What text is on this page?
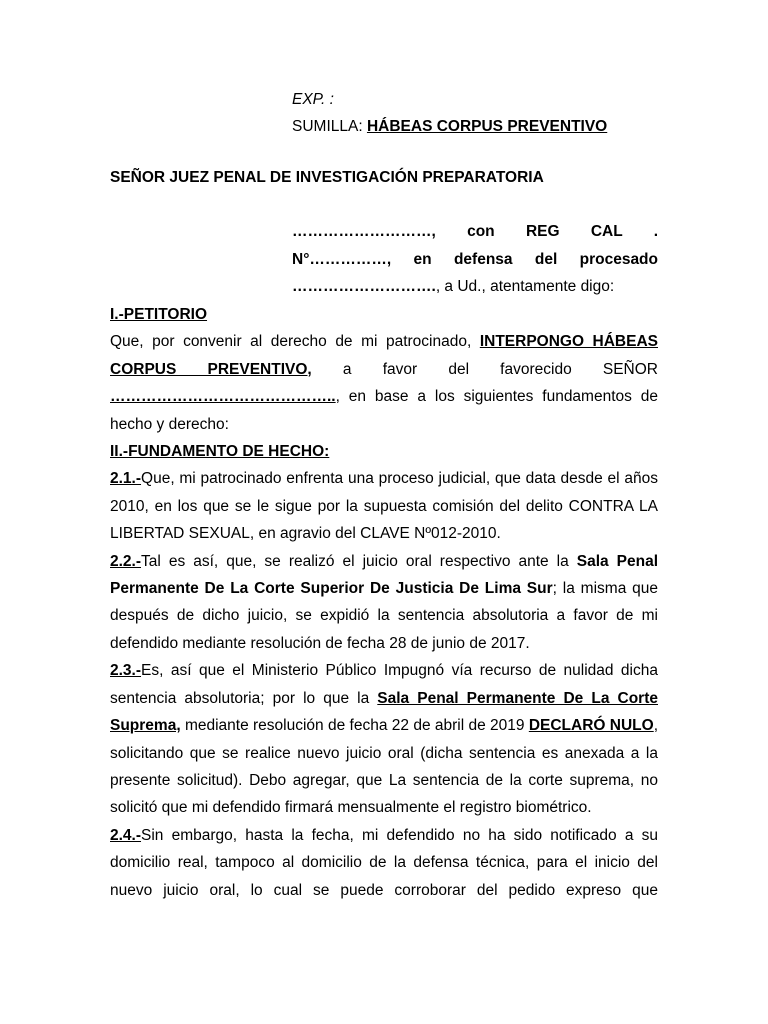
EXP. :
SUMILLA: HÁBEAS CORPUS PREVENTIVO
SEÑOR JUEZ PENAL DE INVESTIGACIÓN PREPARATORIA
………………………, con REG CAL .
N°……………, en defensa del procesado
………………………., a Ud., atentamente digo:

I.-PETITORIO

Que, por convenir al derecho de mi patrocinado, INTERPONGO HÁBEAS CORPUS PREVENTIVO, a favor del favorecido SEÑOR …………………………………….., en base a los siguientes fundamentos de hecho y derecho:

II.-FUNDAMENTO DE HECHO:

2.1.-Que, mi patrocinado enfrenta una proceso judicial, que data desde el años 2010, en los que se le sigue por la supuesta comisión del delito CONTRA LA LIBERTAD SEXUAL, en agravio del CLAVE Nº012-2010.

2.2.-Tal es así, que, se realizó el juicio oral respectivo ante la Sala Penal Permanente De La Corte Superior De Justicia De Lima Sur; la misma que después de dicho juicio, se expidió la sentencia absolutoria a favor de mi defendido mediante resolución de fecha 28 de junio de 2017.

2.3.-Es, así que el Ministerio Público Impugnó vía recurso de nulidad dicha sentencia absolutoria; por lo que la Sala Penal Permanente De La Corte Suprema, mediante resolución de fecha 22 de abril de 2019 DECLARÓ NULO, solicitando que se realice nuevo juicio oral (dicha sentencia es anexada a la presente solicitud). Debo agregar, que La sentencia de la corte suprema, no solicitó que mi defendido firmará mensualmente el registro biométrico.

2.4.-Sin embargo, hasta la fecha, mi defendido no ha sido notificado a su domicilio real, tampoco al domicilio de la defensa técnica, para el inicio del nuevo juicio oral, lo cual se puede corroborar del pedido expreso que
